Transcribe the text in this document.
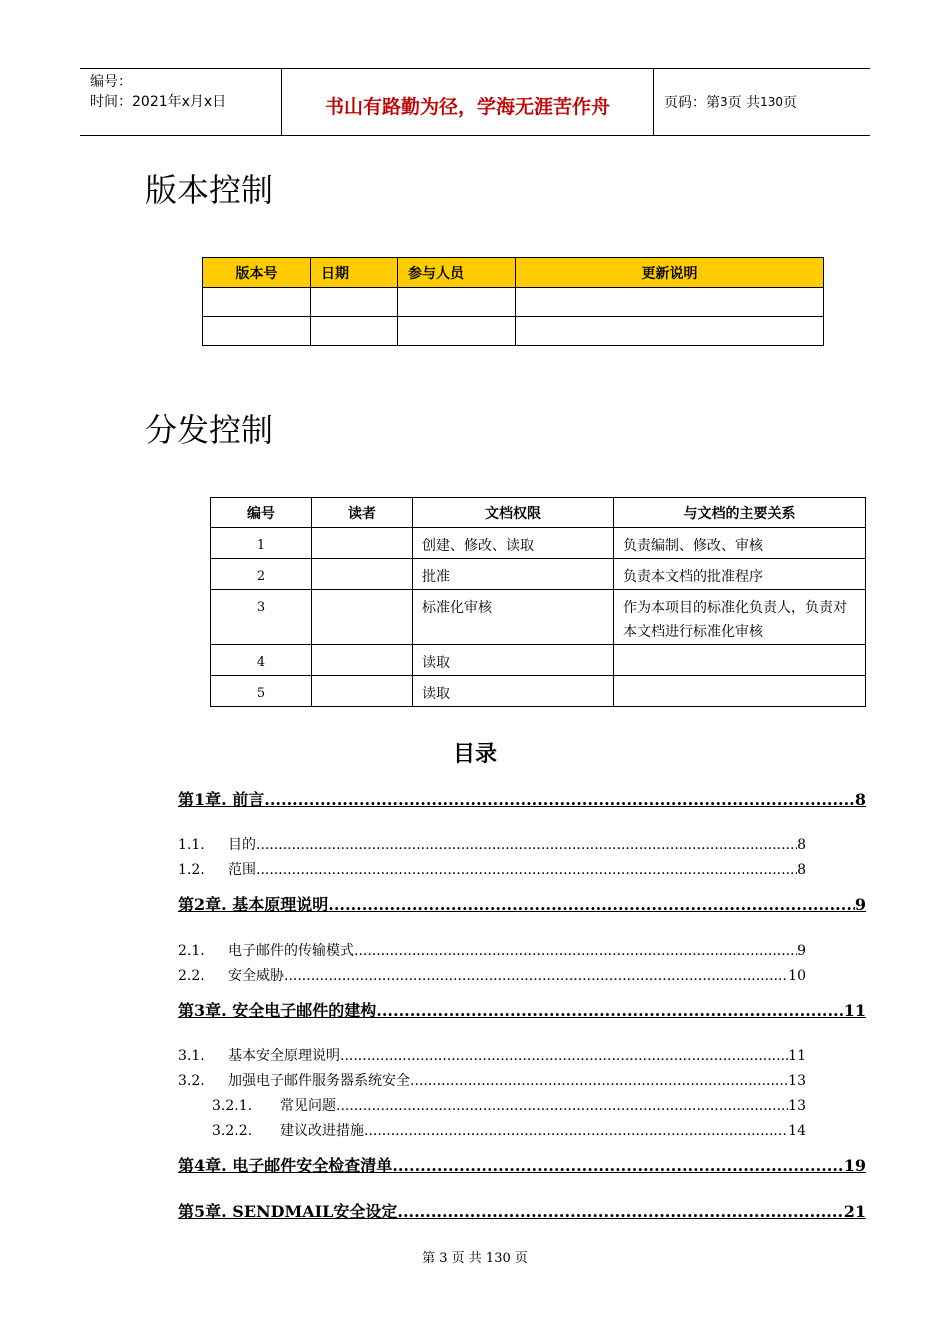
编号：
时间：2021年x月x日	书山有路勤为径，学海无涯苦作舟	页码：第 3 页 共 130 页
版本控制
版本号	日期	参与人员	更新说明

分发控制
编号	读者	文档权限	与文档的主要关系
1		创建、修改、读取	负责编制、修改、审核
2		批准	负责本文档的批准程序
3		标准化审核	作为本项目的标准化负责人，负责对本文档进行标准化审核
4		读取	
5		读取	
目录
第1章. 前言 .....	8
1.1. 目的 .....	8
1.2. 范围 .....	8
第2章. 基本原理说明 .....	9
2.1. 电子邮件的传输模式 .....	9
2.2. 安全威胁 .....	10
第3章. 安全电子邮件的建构 .....	11
3.1. 基本安全原理说明 .....	11
3.2. 加强电子邮件服务器系统安全 .....	13
3.2.1. 常见问题 .....	13
3.2.2. 建议改进措施 .....	14
第4章. 电子邮件安全检查清单 .....	19
第5章. SENDMAIL安全设定 .....	21
第 3 页 共 130 页
